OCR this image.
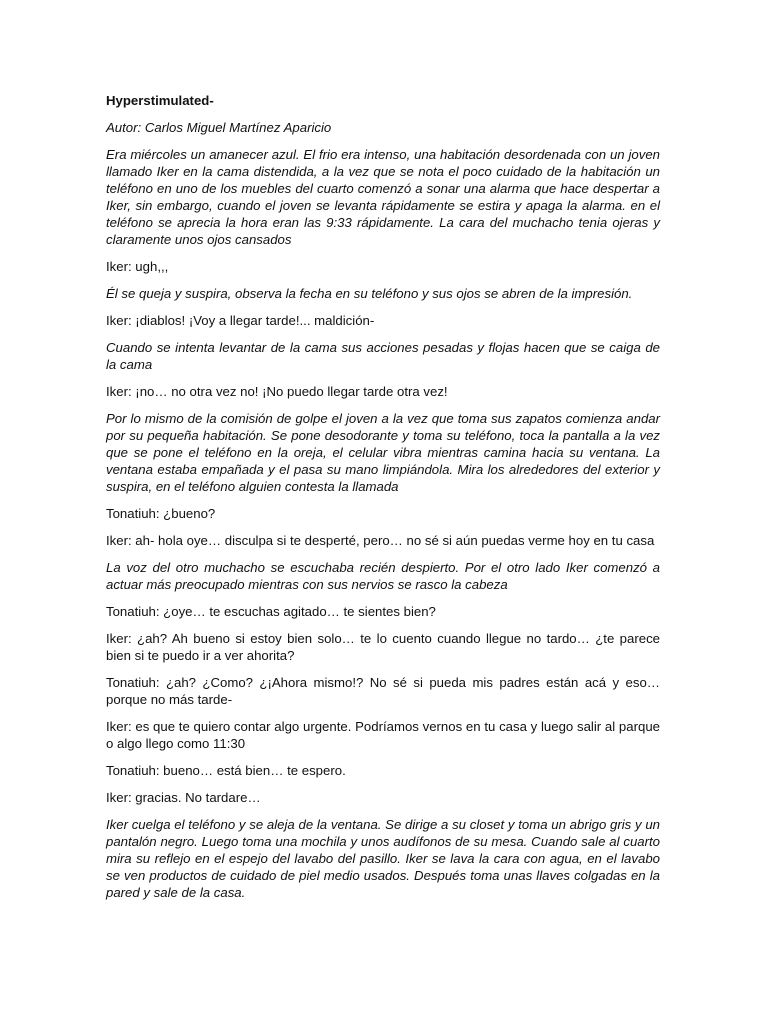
Hyperstimulated-

Autor: Carlos Miguel Martínez Aparicio

Era miércoles un amanecer azul. El frio era intenso, una habitación desordenada con un joven llamado Iker en la cama distendida, a la vez que se nota el poco cuidado de la habitación un teléfono en uno de los muebles del cuarto comenzó a sonar una alarma que hace despertar a Iker, sin embargo, cuando el joven se levanta rápidamente se estira y apaga la alarma. en el teléfono se aprecia la hora eran las 9:33 rápidamente. La cara del muchacho tenia ojeras y claramente unos ojos cansados

Iker: ugh,,,

Él se queja y suspira, observa la fecha en su teléfono y sus ojos se abren de la impresión.

Iker: ¡diablos! ¡Voy a llegar tarde!... maldición-

Cuando se intenta levantar de la cama sus acciones pesadas y flojas hacen que se caiga de la cama

Iker: ¡no… no otra vez no! ¡No puedo llegar tarde otra vez!

Por lo mismo de la comisión de golpe el joven a la vez que toma sus zapatos comienza andar por su pequeña habitación. Se pone desodorante y toma su teléfono, toca la pantalla a la vez que se pone el teléfono en la oreja, el celular vibra mientras camina hacia su ventana. La ventana estaba empañada y el pasa su mano limpiándola. Mira los alrededores del exterior y suspira, en el teléfono alguien contesta la llamada

Tonatiuh: ¿bueno?

Iker: ah- hola oye… disculpa si te desperté, pero… no sé si aún puedas verme hoy en tu casa

La voz del otro muchacho se escuchaba recién despierto. Por el otro lado Iker comenzó a actuar más preocupado mientras con sus nervios se rasco la cabeza

Tonatiuh: ¿oye… te escuchas agitado… te sientes bien?

Iker: ¿ah? Ah bueno si estoy bien solo… te lo cuento cuando llegue no tardo… ¿te parece bien si te puedo ir a ver ahorita?

Tonatiuh: ¿ah? ¿Como? ¿¡Ahora mismo!? No sé si pueda mis padres están acá y eso… porque no más tarde-

Iker: es que te quiero contar algo urgente. Podríamos vernos en tu casa y luego salir al parque o algo llego como 11:30

Tonatiuh: bueno… está bien… te espero.

Iker: gracias. No tardare…

Iker cuelga el teléfono y se aleja de la ventana. Se dirige a su closet y toma un abrigo gris y un pantalón negro. Luego toma una mochila y unos audífonos de su mesa. Cuando sale al cuarto mira su reflejo en el espejo del lavabo del pasillo. Iker se lava la cara con agua, en el lavabo se ven productos de cuidado de piel medio usados. Después toma unas llaves colgadas en la pared y sale de la casa.
